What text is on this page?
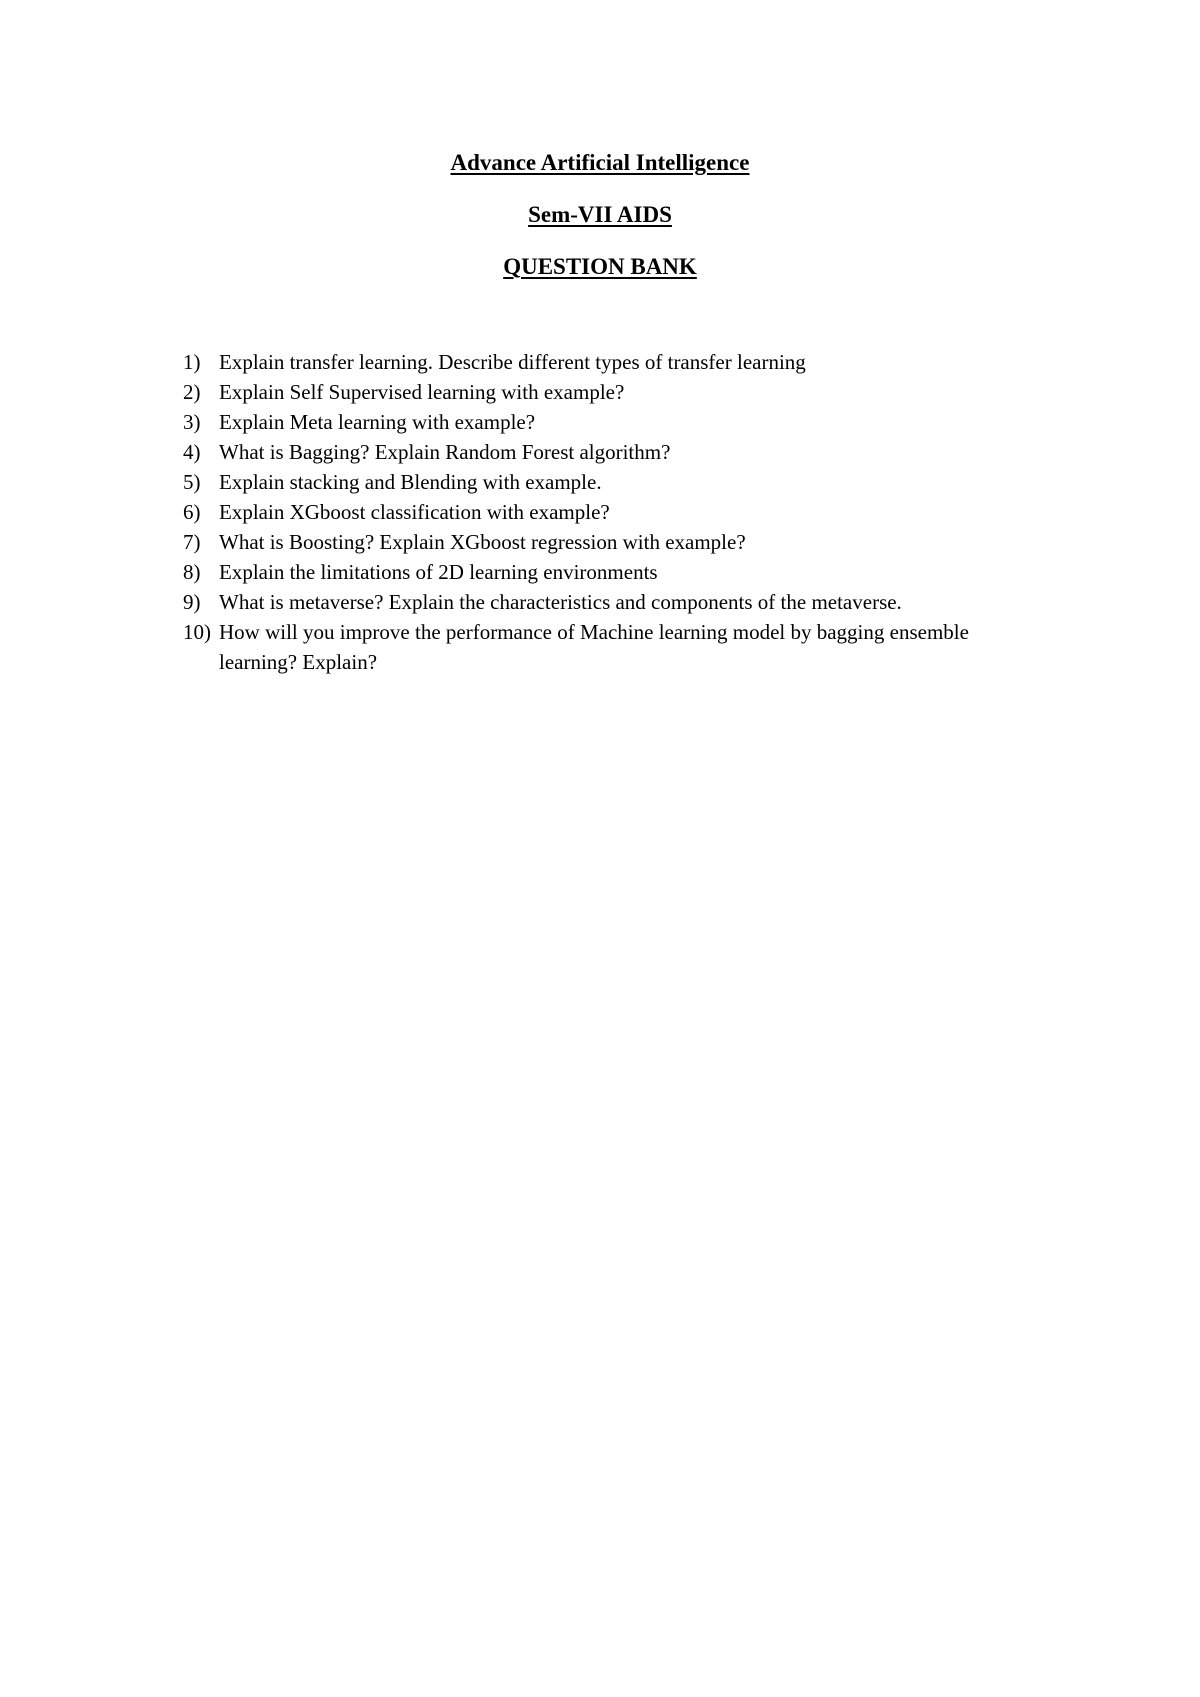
Advance Artificial Intelligence
Sem-VII AIDS
QUESTION BANK
1) Explain transfer learning. Describe different types of transfer learning
2) Explain Self Supervised learning with example?
3) Explain Meta learning with example?
4) What is Bagging? Explain Random Forest algorithm?
5) Explain stacking and Blending with example.
6) Explain XGboost classification with example?
7) What is Boosting? Explain XGboost regression with example?
8) Explain the limitations of 2D learning environments
9) What is metaverse? Explain the characteristics and components of the metaverse.
10) How will you improve the performance of Machine learning model by bagging ensemble learning? Explain?
